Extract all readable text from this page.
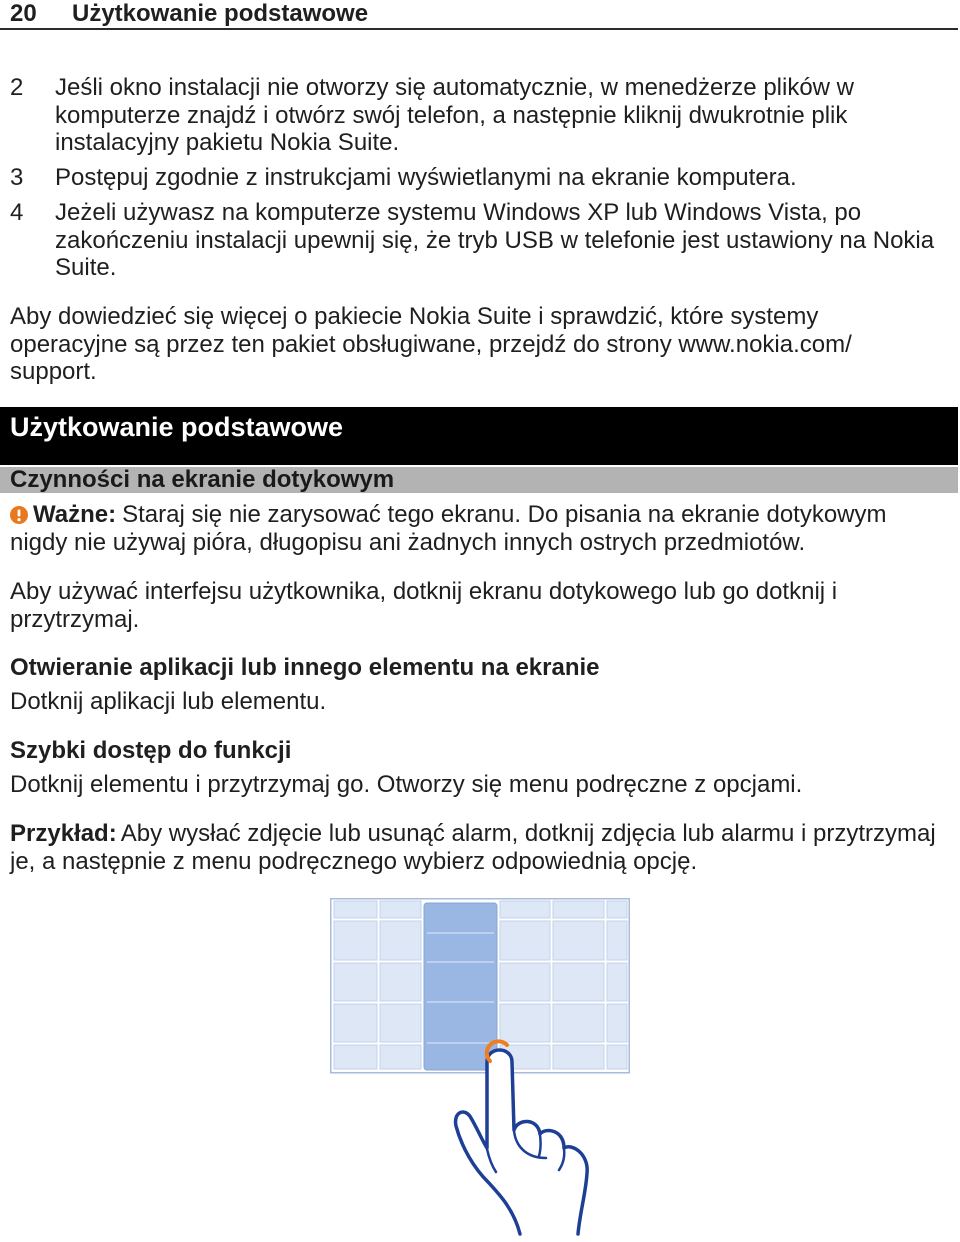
20 Użytkowanie podstawowe
2 Jeśli okno instalacji nie otworzy się automatycznie, w menedżerze plików w
komputerze znajdź i otwórz swój telefon, a następnie kliknij dwukrotnie plik
instalacyjny pakietu Nokia Suite.
3 Postępuj zgodnie z instrukcjami wyświetlanymi na ekranie komputera.
4 Jeżeli używasz na komputerze systemu Windows XP lub Windows Vista, po
zakończeniu instalacji upewnij się, że tryb USB w telefonie jest ustawiony na Nokia
Suite.
Aby dowiedzieć się więcej o pakiecie Nokia Suite i sprawdzić, które systemy
operacyjne są przez ten pakiet obsługiwane, przejdź do strony www.nokia.com/
support.
Użytkowanie podstawowe
Czynności na ekranie dotykowym
Ważne: Staraj się nie zarysować tego ekranu. Do pisania na ekranie dotykowym
nigdy nie używaj pióra, długopisu ani żadnych innych ostrych przedmiotów.
Aby używać interfejsu użytkownika, dotknij ekranu dotykowego lub go dotknij i
przytrzymaj.
Otwieranie aplikacji lub innego elementu na ekranie
Dotknij aplikacji lub elementu.
Szybki dostęp do funkcji
Dotknij elementu i przytrzymaj go. Otworzy się menu podręczne z opcjami.
Przykład: Aby wysłać zdjęcie lub usunąć alarm, dotknij zdjęcia lub alarmu i przytrzymaj
je, a następnie z menu podręcznego wybierz odpowiednią opcję.
